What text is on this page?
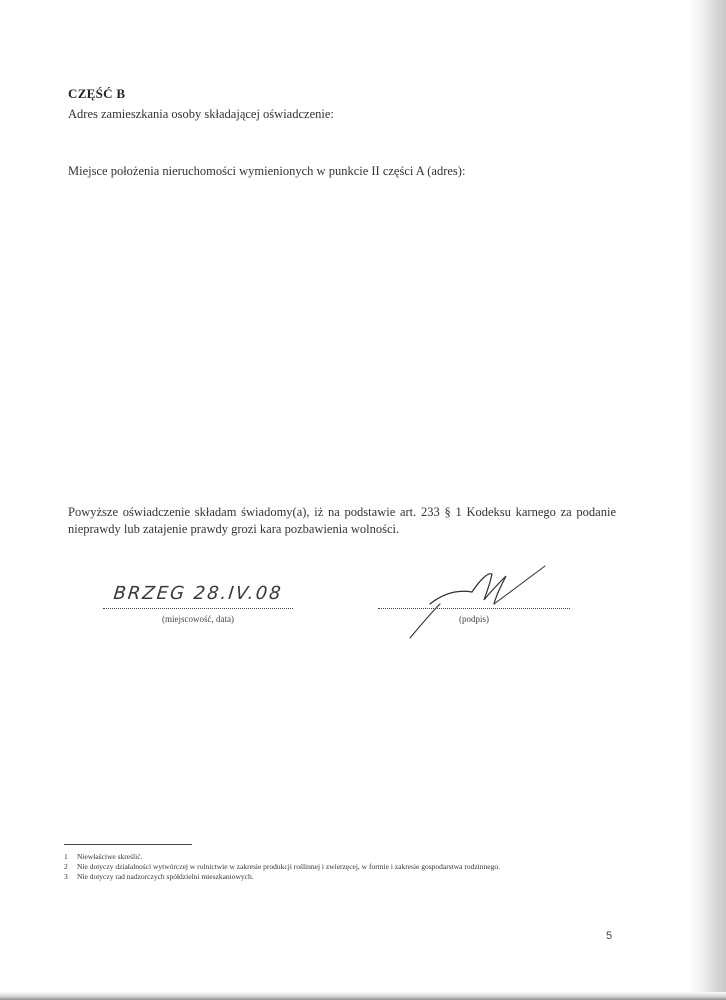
CZĘŚĆ B

Adres zamieszkania osoby składającej oświadczenie:

Miejsce położenia nieruchomości wymienionych w punkcie II części A (adres):

Powyższe oświadczenie składam świadomy(a), iż na podstawie art. 233 § 1 Kodeksu karnego za podanie nieprawdy lub zatajenie prawdy grozi kara pozbawienia wolności.

BRZEG 28.IV.08
(miejscowość, data)	(podpis)
1	Niewłaściwe skreślić.
2	Nie dotyczy działalności wytwórczej w rolnictwie w zakresie produkcji roślinnej i zwierzęcej, w formie i zakresie gospodarstwa rodzinnego.
3	Nie dotyczy rad nadzorczych spółdzielni mieszkaniowych.
5
